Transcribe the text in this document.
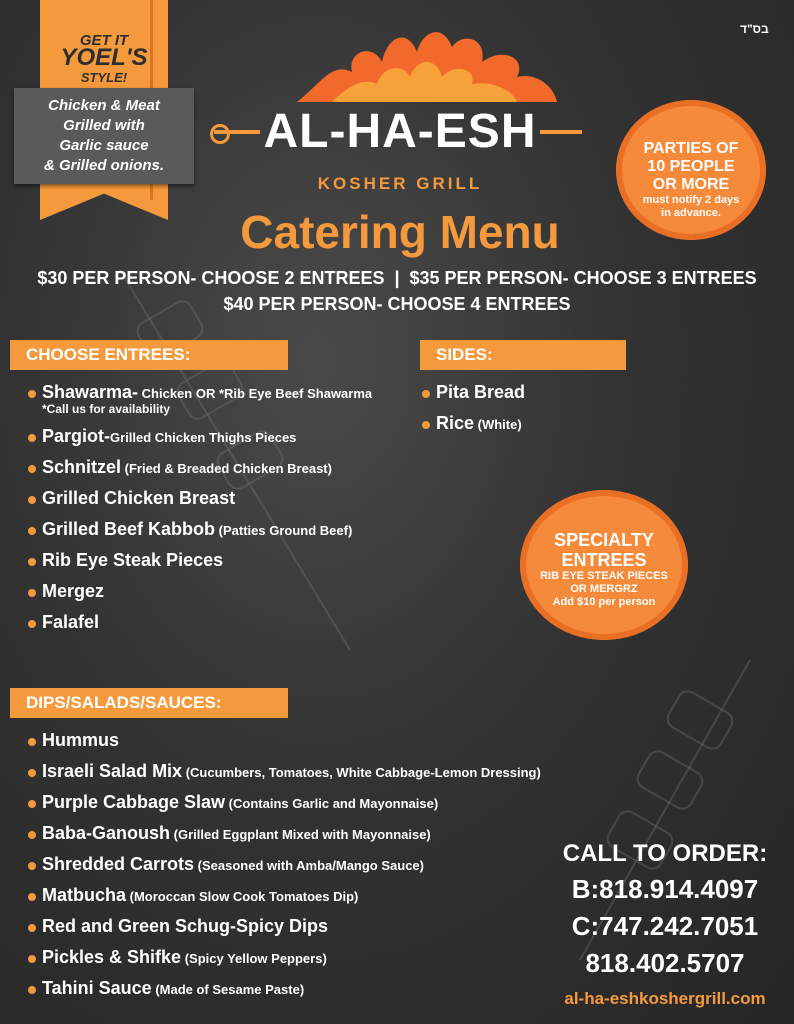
GET IT
YOEL'S
STYLE!
Chicken & Meat
Grilled with
Garlic sauce
& Grilled onions.
בס"ד
AL-HA-ESH
KOSHER GRILL
Catering Menu
$30 PER PERSON- CHOOSE 2 ENTREES  |  $35 PER PERSON- CHOOSE 3 ENTREES
$40 PER PERSON- CHOOSE 4 ENTREES
PARTIES OF
10 PEOPLE
OR MORE
must notify 2 days
in advance.
SPECIALTY
ENTREES
RIB EYE STEAK PIECES
OR MERGRZ
Add $10 per person
CHOOSE ENTREES:
Shawarma- Chicken OR *Rib Eye Beef Shawarma
*Call us for availability
Pargiot-Grilled Chicken Thighs Pieces
Schnitzel (Fried & Breaded Chicken Breast)
Grilled Chicken Breast
Grilled Beef Kabbob (Patties Ground Beef)
Rib Eye Steak Pieces
Mergez
Falafel
SIDES:
Pita Bread
Rice (White)
DIPS/SALADS/SAUCES:
Hummus
Israeli Salad Mix (Cucumbers, Tomatoes, White Cabbage-Lemon Dressing)
Purple Cabbage Slaw (Contains Garlic and Mayonnaise)
Baba-Ganoush (Grilled Eggplant Mixed with Mayonnaise)
Shredded Carrots (Seasoned with Amba/Mango Sauce)
Matbucha (Moroccan Slow Cook Tomatoes Dip)
Red and Green Schug-Spicy Dips
Pickles & Shifke (Spicy Yellow Peppers)
Tahini Sauce (Made of Sesame Paste)
CALL TO ORDER:
B:818.914.4097
C:747.242.7051
818.402.5707
al-ha-eshkoshergrill.com
